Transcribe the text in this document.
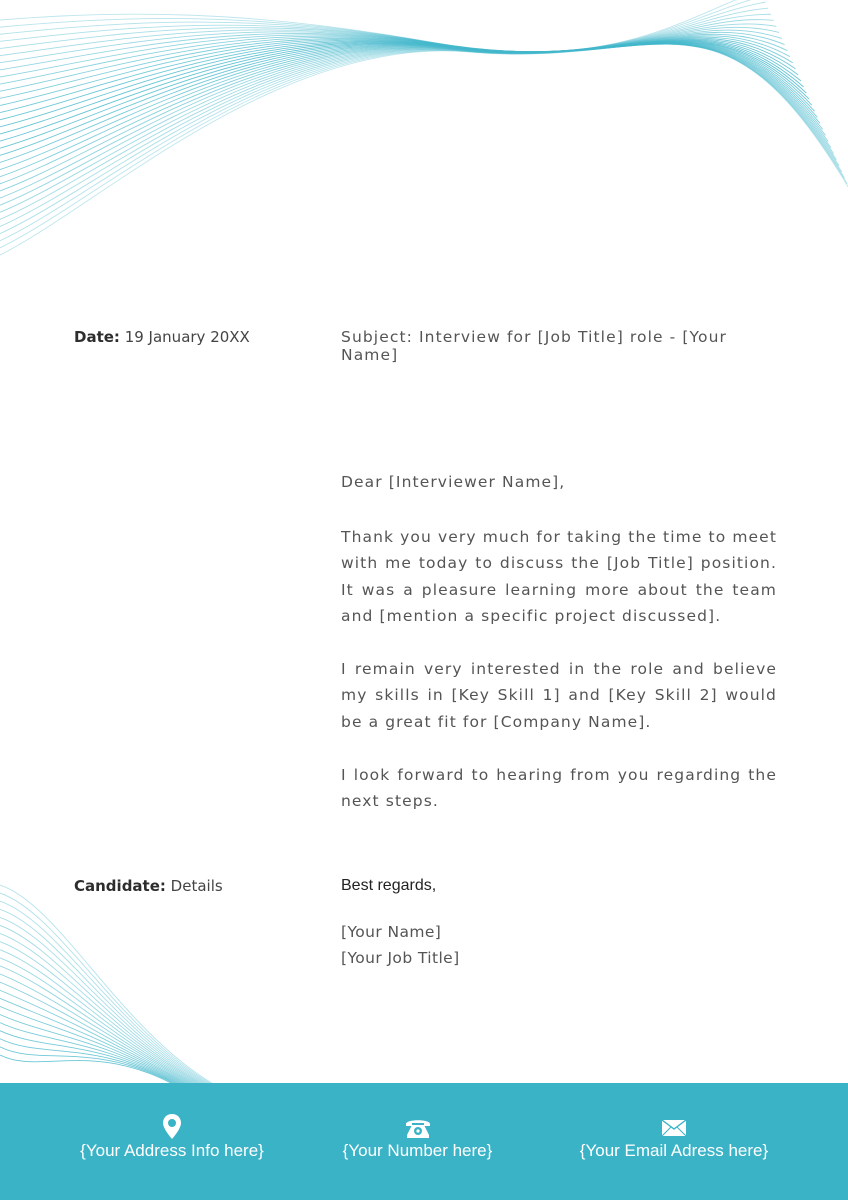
Date: 19 January 20XX	Subject: Interview for [Job Title] role - [Your Name]
Dear [Interviewer Name],
Thank you very much for taking the time to meet with me today to discuss the [Job Title] position. It was a pleasure learning more about the team and [mention a specific project discussed].
I remain very interested in the role and believe my skills in [Key Skill 1] and [Key Skill 2] would be a great fit for [Company Name].
I look forward to hearing from you regarding the next steps.
Candidate: Details	Best regards,
[Your Name]
[Your Job Title]
{Your Address Info here}	{Your Number here}	{Your Email Adress here}
